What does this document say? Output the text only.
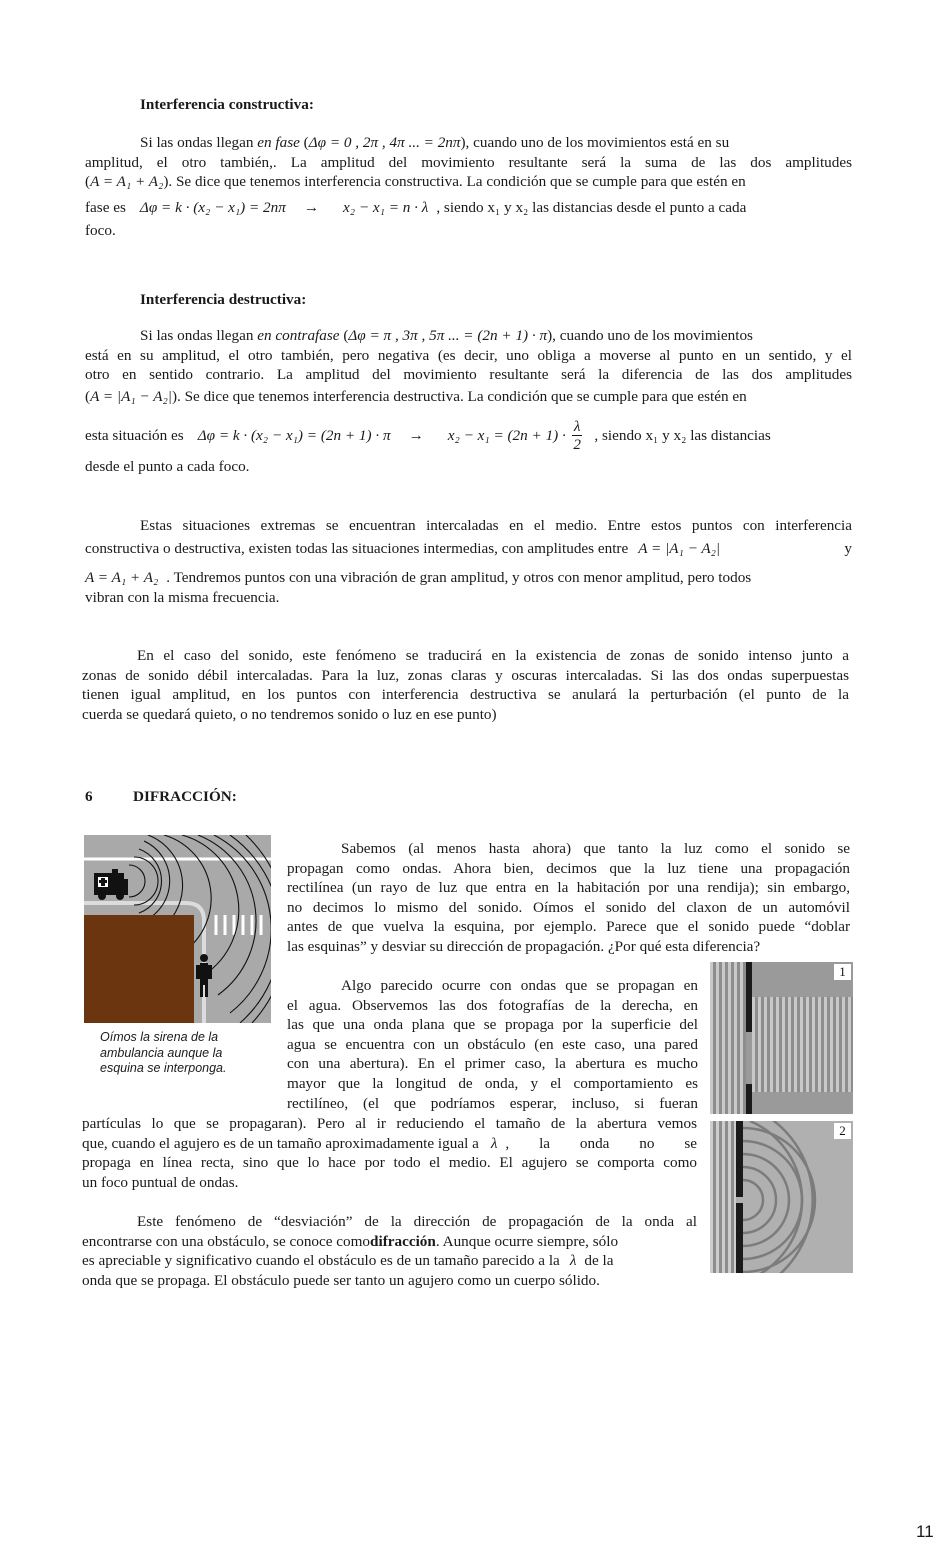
Interferencia constructiva:
Si las ondas llegan en fase (Δφ = 0 , 2π , 4π ... = 2nπ), cuando uno de los movimientos está en su
amplitud, el otro también,. La amplitud del movimiento resultante será la suma de las dos amplitudes
( A = A₁ + A₂ ). Se dice que tenemos interferencia constructiva. La condición que se cumple para que estén en
fase es Δφ = k · (x₂ − x₁) = 2nπ → x₂ − x₁ = n · λ , siendo x₁ y x₂ las distancias desde el punto a cada
foco.
Interferencia destructiva:
Si las ondas llegan en contrafase (Δφ = π , 3π , 5π ... = (2n + 1) · π), cuando uno de los movimientos
está en su amplitud, el otro también, pero negativa (es decir, uno obliga a moverse al punto en un sentido, y el
otro en sentido contrario. La amplitud del movimiento resultante será la diferencia de las dos amplitudes
(A = |A₁ − A₂|). Se dice que tenemos interferencia destructiva. La condición que se cumple para que estén en
esta situación es $\Delta\varphi = k \cdot (x_2 - x_1) = (2n + 1) \cdot \pi \to x_2 - x_1 = (2n + 1) \cdot \frac{\lambda}{2}$ , siendo x₁ y x₂ las distancias
desde el punto a cada foco.
Estas situaciones extremas se encuentran intercaladas en el medio. Entre estos puntos con interferencia
constructiva o destructiva, existen todas las situaciones intermedias, con amplitudes entre A = |A₁ − A₂|	y
A = A₁ + A₂ . Tendremos puntos con una vibración de gran amplitud, y otros con menor amplitud, pero todos
vibran con la misma frecuencia.
En el caso del sonido, este fenómeno se traducirá en la existencia de zonas de sonido intenso junto a
zonas de sonido débil intercaladas. Para la luz, zonas claras y oscuras intercaladas. Si las dos ondas superpuestas
tienen igual amplitud, en los puntos con interferencia destructiva se anulará la perturbación (el punto de la
cuerda se quedará quieto, o no tendremos sonido o luz en ese punto)
6	DIFRACCIÓN:
Oímos la sirena de la
ambulancia aunque la
esquina se interponga.
Sabemos (al menos hasta ahora) que tanto la luz como el sonido se
propagan como ondas. Ahora bien, decimos que la luz tiene una propagación
rectilínea (un rayo de luz que entra en la habitación por una rendija); sin embargo,
no decimos lo mismo del sonido. Oímos el sonido del claxon de un automóvil
antes de que vuelva la esquina, por ejemplo. Parece que el sonido puede “doblar
las esquinas” y desviar su dirección de propagación. ¿Por qué esta diferencia?
Algo parecido ocurre con ondas que se propagan en
el agua. Observemos las dos fotografías de la derecha, en
las que una onda plana que se propaga por la superficie del
agua se encuentra con un obstáculo (en este caso, una pared
con una abertura). En el primer caso, la abertura es mucho
mayor que la longitud de onda, y el comportamiento es
rectilíneo, (el que podríamos esperar, incluso, si fueran
partículas lo que se propagaran). Pero al ir reduciendo el tamaño de la abertura vemos
que, cuando el agujero es de un tamaño aproximadamente igual a λ , la onda no se
propaga en línea recta, sino que lo hace por todo el medio. El agujero se comporta como
un foco puntual de ondas.
Este fenómeno de “desviación” de la dirección de propagación de la onda al
encontrarse con una obstáculo, se conoce como difracción . Aunque ocurre siempre, sólo
es apreciable y significativo cuando el obstáculo es de un tamaño parecido a la λ de la
onda que se propaga. El obstáculo puede ser tanto un agujero como un cuerpo sólido.
1
2
11
